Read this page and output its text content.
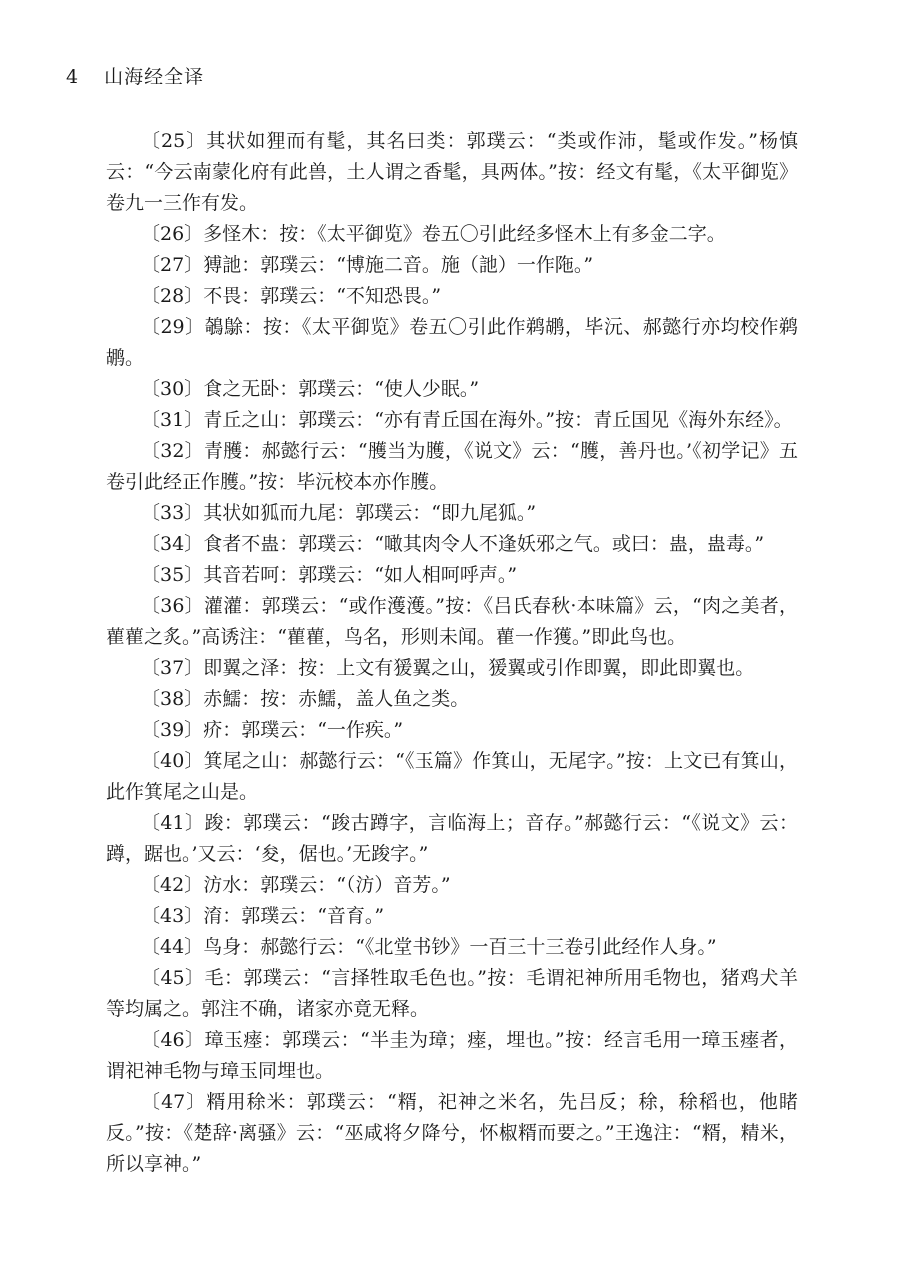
4 山海经全译

〔25〕其状如狸而有髦，其名曰类：郭璞云：“类或作沛，髦或作发。”杨慎云：“今云南蒙化府有此兽，土人谓之香髦，具两体。”按：经文有髦，《太平御览》卷九一三作有发。

〔26〕多怪木：按：《太平御览》卷五〇引此经多怪木上有多金二字。

〔27〕猼訑：郭璞云：“博施二音。施（訑）一作陁。”

〔28〕不畏：郭璞云：“不知恐畏。”

〔29〕鵸鵌：按：《太平御览》卷五〇引此作鹈鹕，毕沅、郝懿行亦均校作鹈鹕。

〔30〕食之无卧：郭璞云：“使人少眠。”

〔31〕青丘之山：郭璞云：“亦有青丘国在海外。”按：青丘国见《海外东经》。

〔32〕青雘：郝懿行云：“雘当为臒，《说文》云：“臒，善丹也。’《初学记》五卷引此经正作臒。”按：毕沅校本亦作臒。

〔33〕其状如狐而九尾：郭璞云：“即九尾狐。”

〔34〕食者不蛊：郭璞云：“噉其肉令人不逢妖邪之气。或曰：蛊，蛊毒。”

〔35〕其音若呵：郭璞云：“如人相呵呼声。”

〔36〕灌灌：郭璞云：“或作濩濩。”按：《吕氏春秋·本味篇》云，“肉之美者，雚雚之炙。”高诱注：“雚雚，鸟名，形则未闻。雚一作獲。”即此鸟也。

〔37〕即翼之泽：按：上文有猨翼之山，猨翼或引作即翼，即此即翼也。

〔38〕赤鱬：按：赤鱬，盖人鱼之类。

〔39〕疥：郭璞云：“一作疾。”

〔40〕箕尾之山：郝懿行云：“《玉篇》作箕山，无尾字。”按：上文已有箕山，此作箕尾之山是。

〔41〕踆：郭璞云：“踆古蹲字，言临海上；音存。”郝懿行云：“《说文》云：蹲，踞也。’又云：‘夋，倨也。’无踆字。”

〔42〕汸水：郭璞云：“（汸）音芳。”

〔43〕淯：郭璞云：“音育。”

〔44〕鸟身：郝懿行云：“《北堂书钞》一百三十三卷引此经作人身。”

〔45〕毛：郭璞云：“言择牲取毛色也。”按：毛谓祀神所用毛物也，猪鸡犬羊等均属之。郭注不确，诸家亦竟无释。

〔46〕璋玉瘗：郭璞云：“半圭为璋；瘗，埋也。”按：经言毛用一璋玉瘗者，谓祀神毛物与璋玉同埋也。

〔47〕糈用稌米：郭璞云：“糈，祀神之米名，先吕反；稌，稌稻也，他睹反。”按：《楚辞·离骚》云：“巫咸将夕降兮，怀椒糈而要之。”王逸注：“糈，精米，所以享神。”
